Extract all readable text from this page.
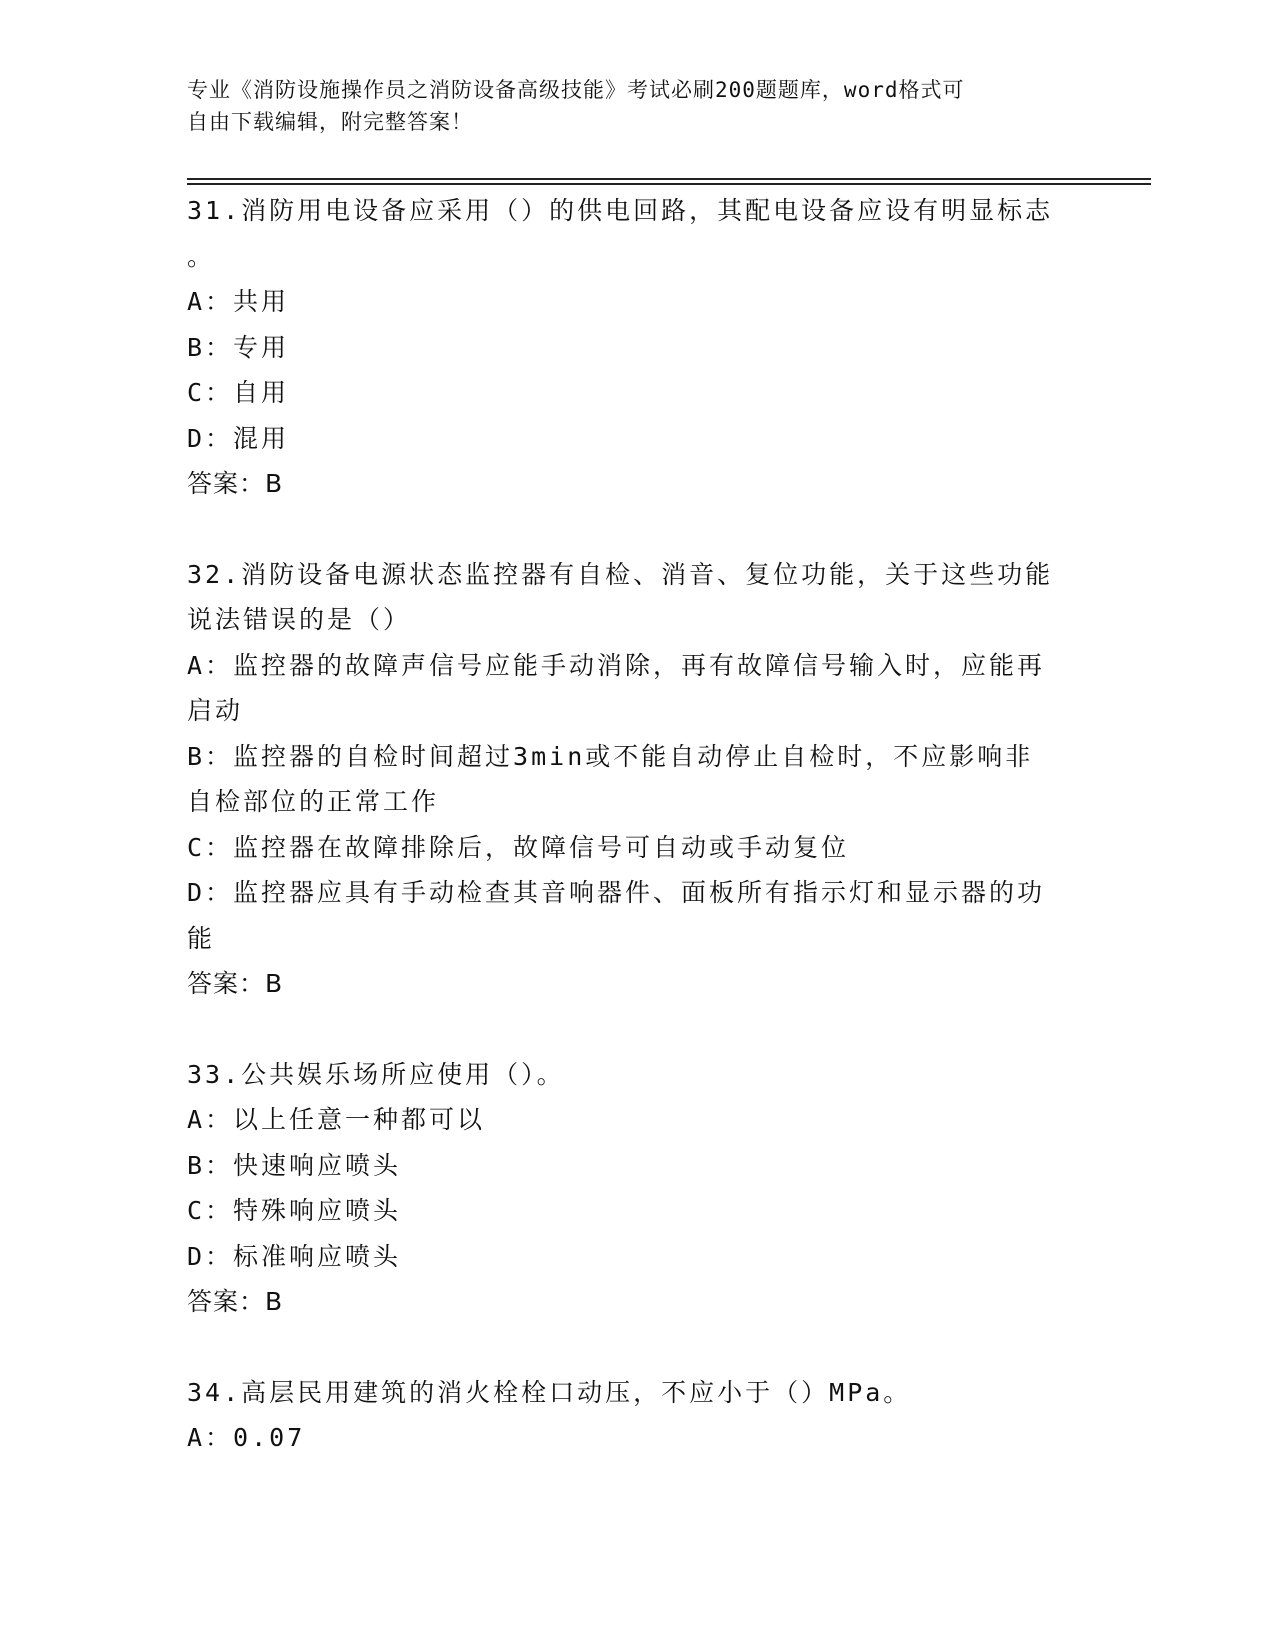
专业《消防设施操作员之消防设备高级技能》考试必刷200题题库，word格式可
自由下载编辑，附完整答案！
31.消防用电设备应采用（）的供电回路，其配电设备应设有明显标志
。
A：共用
B：专用
C：自用
D：混用
答案：B
32.消防设备电源状态监控器有自检、消音、复位功能，关于这些功能
说法错误的是（）
A：监控器的故障声信号应能手动消除，再有故障信号输入时，应能再
启动
B：监控器的自检时间超过3min或不能自动停止自检时，不应影响非
自检部位的正常工作
C：监控器在故障排除后，故障信号可自动或手动复位
D：监控器应具有手动检查其音响器件、面板所有指示灯和显示器的功
能
答案：B
33.公共娱乐场所应使用（）。
A：以上任意一种都可以
B：快速响应喷头
C：特殊响应喷头
D：标准响应喷头
答案：B
34.高层民用建筑的消火栓栓口动压，不应小于（）MPa。
A：0.07
